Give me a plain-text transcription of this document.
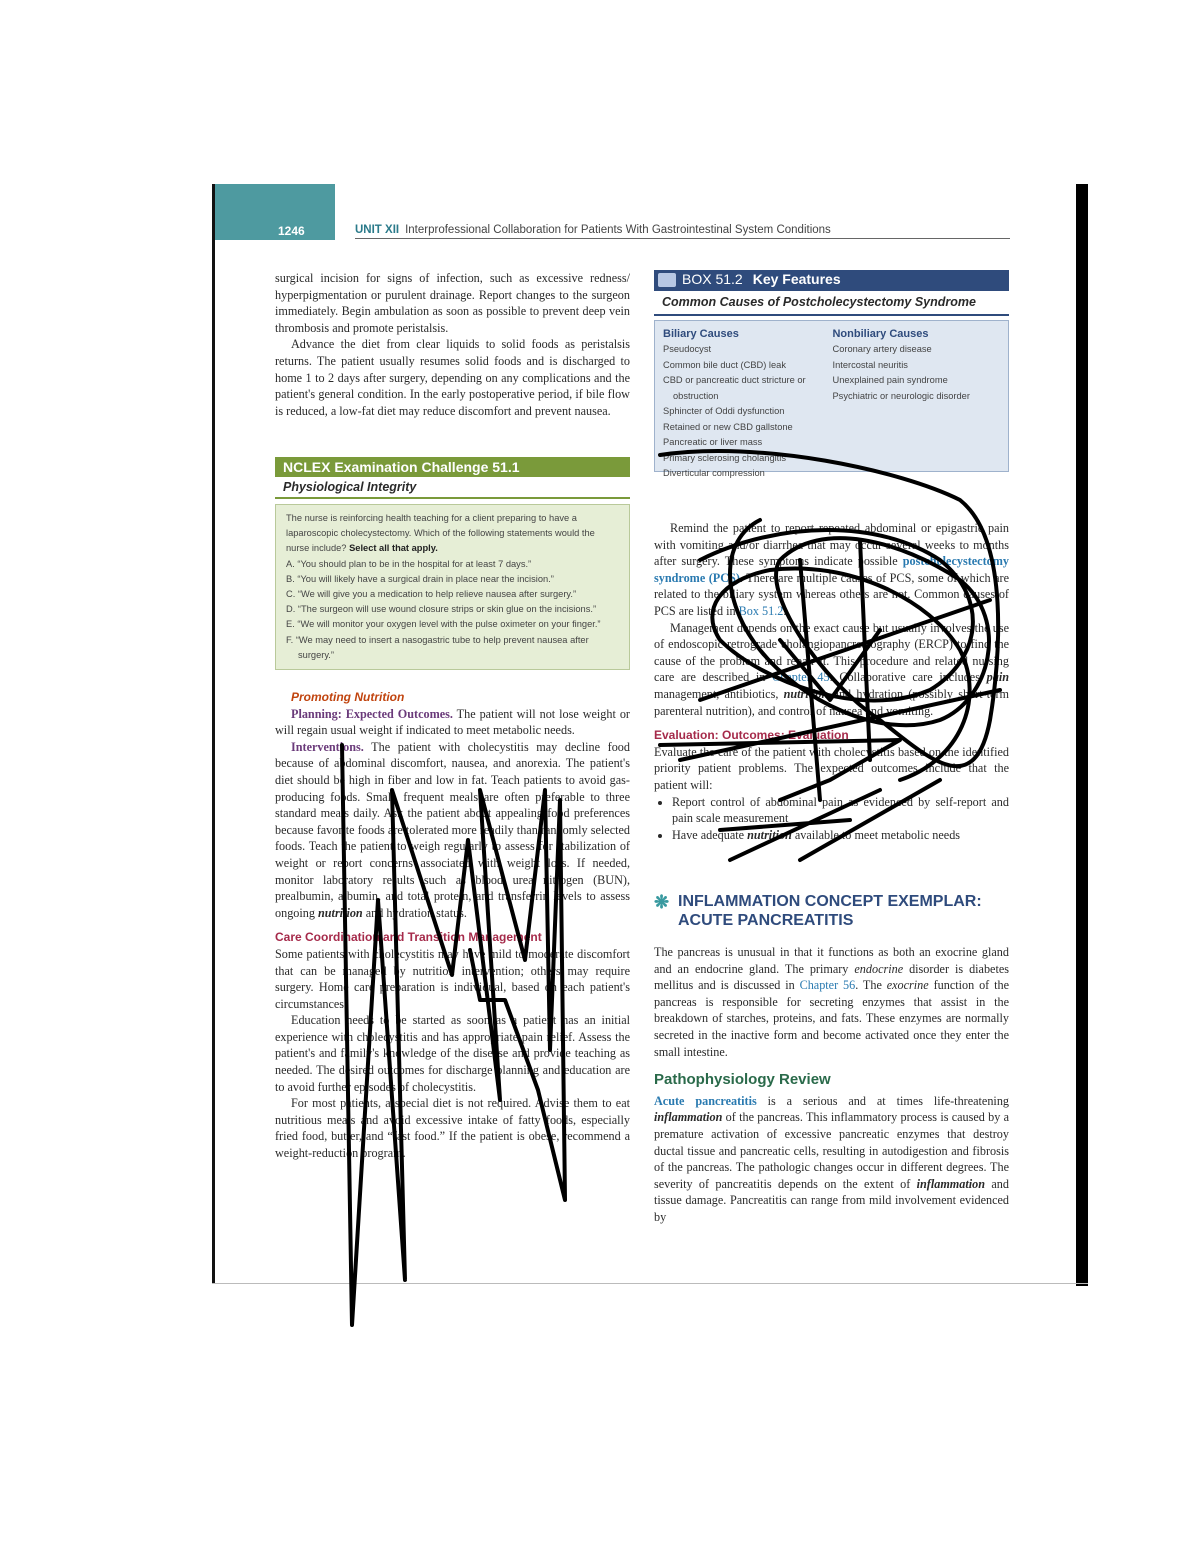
1246	UNIT XII Interprofessional Collaboration for Patients With Gastrointestinal System Conditions

surgical incision for signs of infection, such as excessive redness/ hyperpigmentation or purulent drainage. Report changes to the surgeon immediately. Begin ambulation as soon as possible to prevent deep vein thrombosis and promote peristalsis.

Advance the diet from clear liquids to solid foods as peristalsis returns. The patient usually resumes solid foods and is discharged to home 1 to 2 days after surgery, depending on any complications and the patient's general condition. In the early postoperative period, if bile flow is reduced, a low-fat diet may reduce discomfort and prevent nausea.

NCLEX Examination Challenge 51.1
Physiological Integrity
The nurse is reinforcing health teaching for a client preparing to have a laparoscopic cholecystectomy. Which of the following statements would the nurse include? Select all that apply.
A. “You should plan to be in the hospital for at least 7 days.”
B. “You will likely have a surgical drain in place near the incision.”
C. “We will give you a medication to help relieve nausea after surgery.”
D. “The surgeon will use wound closure strips or skin glue on the incisions.”
E. “We will monitor your oxygen level with the pulse oximeter on your finger.”
F. “We may need to insert a nasogastric tube to help prevent nausea after surgery.”

Promoting Nutrition

Planning: Expected Outcomes. The patient will not lose weight or will regain usual weight if indicated to meet metabolic needs.

Interventions. The patient with cholecystitis may decline food because of abdominal discomfort, nausea, and anorexia. The patient's diet should be high in fiber and low in fat. Teach patients to avoid gas-producing foods. Small, frequent meals are often preferable to three standard meals daily. Ask the patient about appealing food preferences because favorite foods are tolerated more readily than randomly selected foods. Teach the patient to weigh regularly to assess for stabilization of weight or report concerns associated with weight loss. If needed, monitor laboratory results such as blood urea nitrogen (BUN), prealbumin, albumin, and total protein, and transferrin levels to assess ongoing nutrition and hydration status.

Care Coordination and Transition Management

Some patients with cholecystitis may have mild to moderate discomfort that can be managed by nutrition intervention; others may require surgery. Home care preparation is individual, based on each patient's circumstances.

Education needs to be started as soon as a patient has an initial experience with cholecystitis and has appropriate pain relief. Assess the patient's and family's knowledge of the disease and provide teaching as needed. The desired outcomes for discharge planning and education are to avoid further episodes of cholecystitis.

For most patients, a special diet is not required. Advise them to eat nutritious meals and avoid excessive intake of fatty foods, especially fried food, butter, and “fast food.” If the patient is obese, recommend a weight-reduction program.

BOX 51.2 Key Features
Common Causes of Postcholecystectomy Syndrome
Biliary Causes
Pseudocyst
Common bile duct (CBD) leak
CBD or pancreatic duct stricture or
obstruction
Sphincter of Oddi dysfunction
Retained or new CBD gallstone
Pancreatic or liver mass
Primary sclerosing cholangitis
Diverticular compression
Nonbiliary Causes
Coronary artery disease
Intercostal neuritis
Unexplained pain syndrome
Psychiatric or neurologic disorder

Remind the patient to report repeated abdominal or epigastric pain with vomiting and/or diarrhea that may occur several weeks to months after surgery. These symptoms indicate possible postcholecystectomy syndrome (PCS). There are multiple causes of PCS, some of which are related to the biliary system whereas others are not. Common causes of PCS are listed in Box 51.2.

Management depends on the exact cause but usually involves the use of endoscopic retrograde cholangiopancreatography (ERCP) to find the cause of the problem and repair it. This procedure and related nursing care are described in Chapter 45. Collaborative care includes pain management, antibiotics, nutrition and hydration (possibly short-term parenteral nutrition), and control of nausea and vomiting.

Evaluation: Outcomes: Evaluation

Evaluate the care of the patient with cholecystitis based on the identified priority patient problems. The expected outcomes include that the patient will:

• Report control of abdominal pain as evidenced by self-report and pain scale measurement
• Have adequate nutrition available to meet metabolic needs
❋ INFLAMMATION CONCEPT EXEMPLAR:
ACUTE PANCREATITIS

The pancreas is unusual in that it functions as both an exocrine gland and an endocrine gland. The primary endocrine disorder is diabetes mellitus and is discussed in Chapter 56. The exocrine function of the pancreas is responsible for secreting enzymes that assist in the breakdown of starches, proteins, and fats. These enzymes are normally secreted in the inactive form and become activated once they enter the small intestine.

Pathophysiology Review

Acute pancreatitis is a serious and at times life-threatening inflammation of the pancreas. This inflammatory process is caused by a premature activation of excessive pancreatic enzymes that destroy ductal tissue and pancreatic cells, resulting in autodigestion and fibrosis of the pancreas. The pathologic changes occur in different degrees. The severity of pancreatitis depends on the extent of inflammation and tissue damage. Pancreatitis can range from mild involvement evidenced by
